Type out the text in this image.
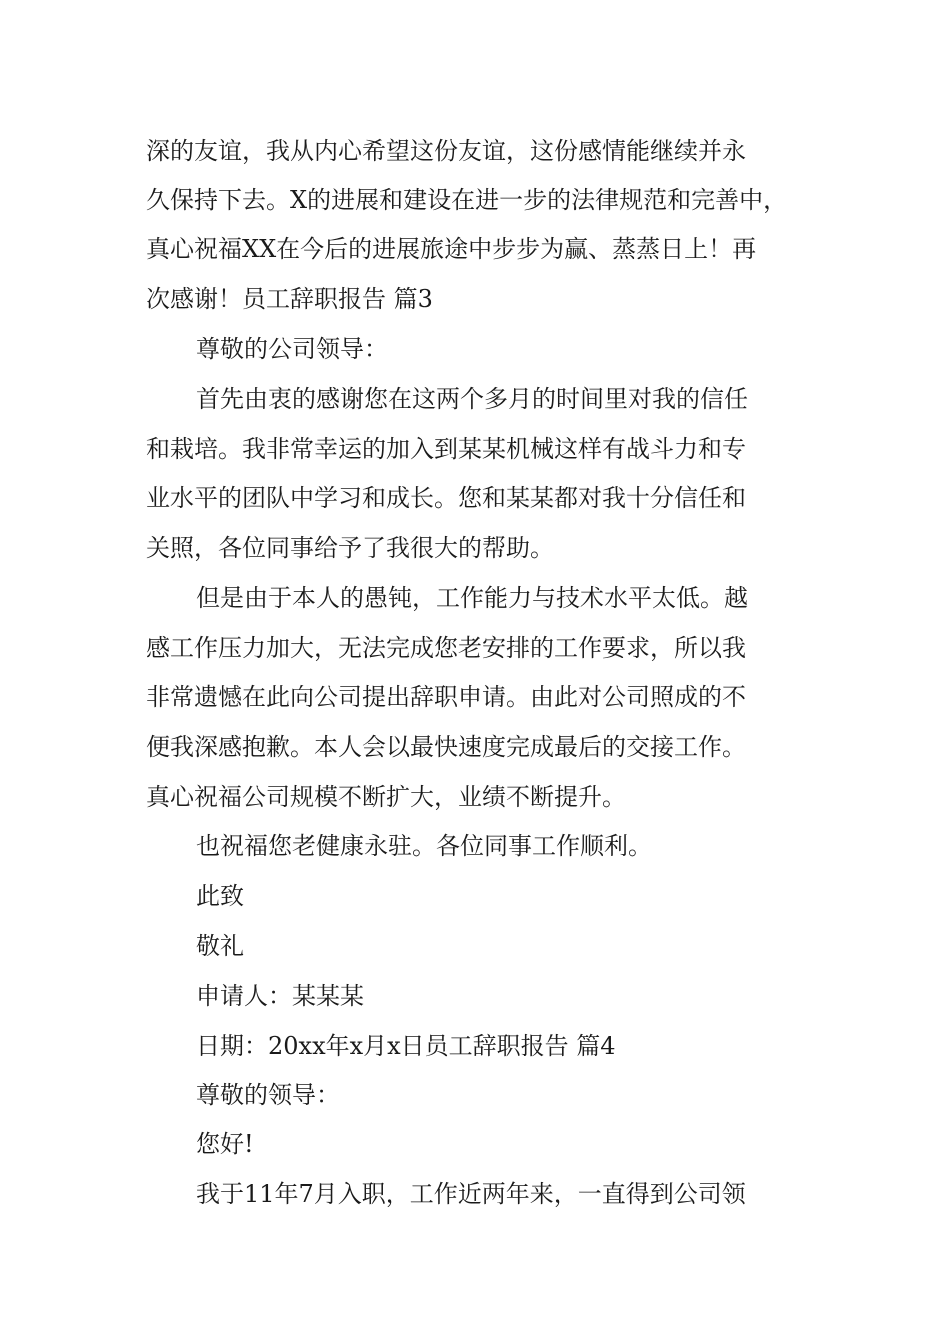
深的友谊，我从内心希望这份友谊，这份感情能继续并永
久保持下去。X的进展和建设在进一步的法律规范和完善中，
真心祝福XX在今后的进展旅途中步步为赢、蒸蒸日上！再
次感谢！员工辞职报告 篇3
尊敬的公司领导：
首先由衷的感谢您在这两个多月的时间里对我的信任
和栽培。我非常幸运的加入到某某机械这样有战斗力和专
业水平的团队中学习和成长。您和某某都对我十分信任和
关照，各位同事给予了我很大的帮助。
但是由于本人的愚钝，工作能力与技术水平太低。越
感工作压力加大，无法完成您老安排的工作要求，所以我
非常遗憾在此向公司提出辞职申请。由此对公司照成的不
便我深感抱歉。本人会以最快速度完成最后的交接工作。
真心祝福公司规模不断扩大，业绩不断提升。
也祝福您老健康永驻。各位同事工作顺利。
此致
敬礼
申请人：某某某
日期：20xx年x月x日员工辞职报告 篇4
尊敬的领导：
您好!
我于11年7月入职，工作近两年来，一直得到公司领
